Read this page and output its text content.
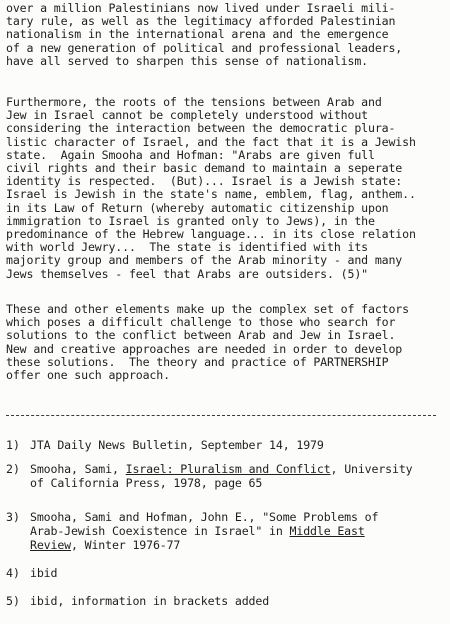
over a million Palestinians now lived under Israeli mili-
tary rule, as well as the legitimacy afforded Palestinian
nationalism in the international arena and the emergence
of a new generation of political and professional leaders,
have all served to sharpen this sense of nationalism.
Furthermore, the roots of the tensions between Arab and
Jew in Israel cannot be completely understood without
considering the interaction between the democratic plura-
listic character of Israel, and the fact that it is a Jewish
state.  Again Smooha and Hofman: "Arabs are given full
civil rights and their basic demand to maintain a seperate
identity is respected.  (But)... Israel is a Jewish state:
Israel is Jewish in the state's name, emblem, flag, anthem..
in its Law of Return (whereby automatic citizenship upon
immigration to Israel is granted only to Jews), in the
predominance of the Hebrew language... in its close relation
with world Jewry...  The state is identified with its
majority group and members of the Arab minority - and many
Jews themselves - feel that Arabs are outsiders. (5)"
These and other elements make up the complex set of factors
which poses a difficult challenge to those who search for
solutions to the conflict between Arab and Jew in Israel.
New and creative approaches are needed in order to develop
these solutions.  The theory and practice of PARTNERSHIP
offer one such approach.
1) JTA Daily News Bulletin, September 14, 1979
2) Smooha, Sami, Israel: Pluralism and Conflict, University
of California Press, 1978, page 65
3) Smooha, Sami and Hofman, John E., "Some Problems of
Arab-Jewish Coexistence in Israel" in Middle East
Review, Winter 1976-77
4) ibid
5) ibid, information in brackets added
